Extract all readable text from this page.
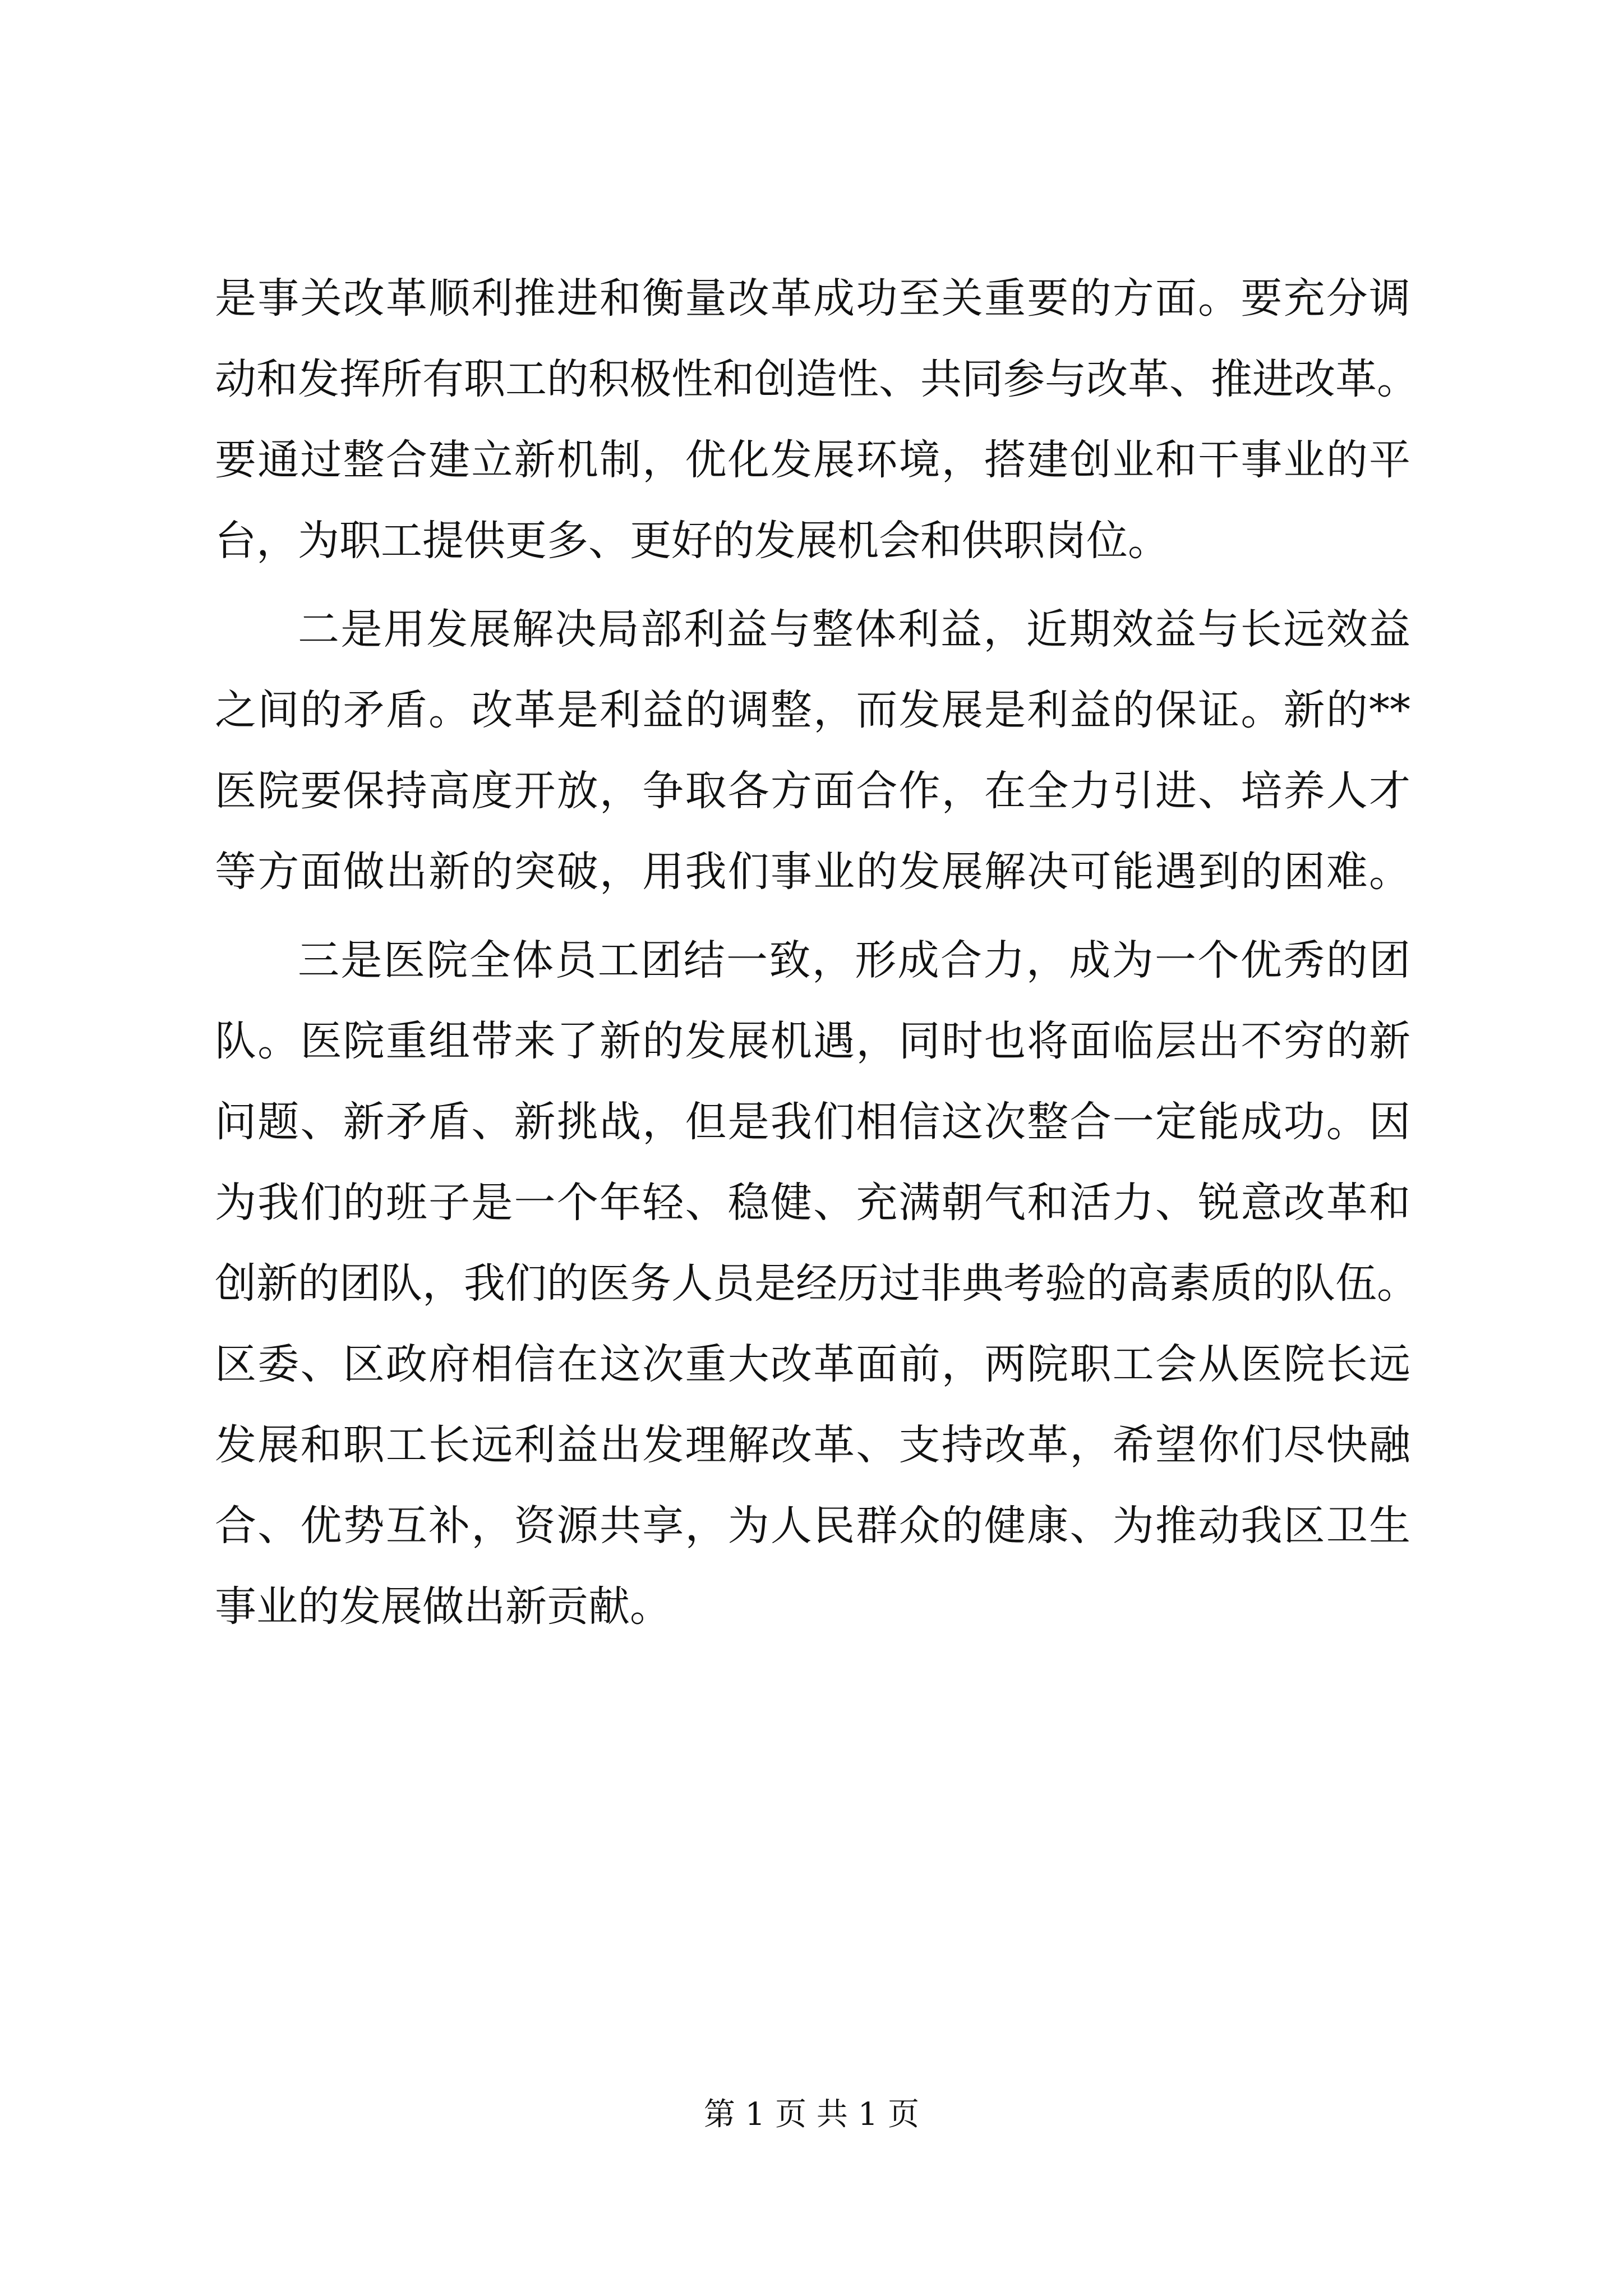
是事关改革顺利推进和衡量改革成功至关重要的方面。要充分调
动和发挥所有职工的积极性和创造性、共同参与改革、推进改革。
要通过整合建立新机制，优化发展环境，搭建创业和干事业的平
台，为职工提供更多、更好的发展机会和供职岗位。
二是用发展解决局部利益与整体利益，近期效益与长远效益
之间的矛盾。改革是利益的调整，而发展是利益的保证。新的**
医院要保持高度开放，争取各方面合作，在全力引进、培养人才
等方面做出新的突破，用我们事业的发展解决可能遇到的困难。
三是医院全体员工团结一致，形成合力，成为一个优秀的团
队。医院重组带来了新的发展机遇，同时也将面临层出不穷的新
问题、新矛盾、新挑战，但是我们相信这次整合一定能成功。因
为我们的班子是一个年轻、稳健、充满朝气和活力、锐意改革和
创新的团队，我们的医务人员是经历过非典考验的高素质的队伍。
区委、区政府相信在这次重大改革面前，两院职工会从医院长远
发展和职工长远利益出发理解改革、支持改革，希望你们尽快融
合、优势互补，资源共享，为人民群众的健康、为推动我区卫生
事业的发展做出新贡献。
第 1 页 共 1 页
